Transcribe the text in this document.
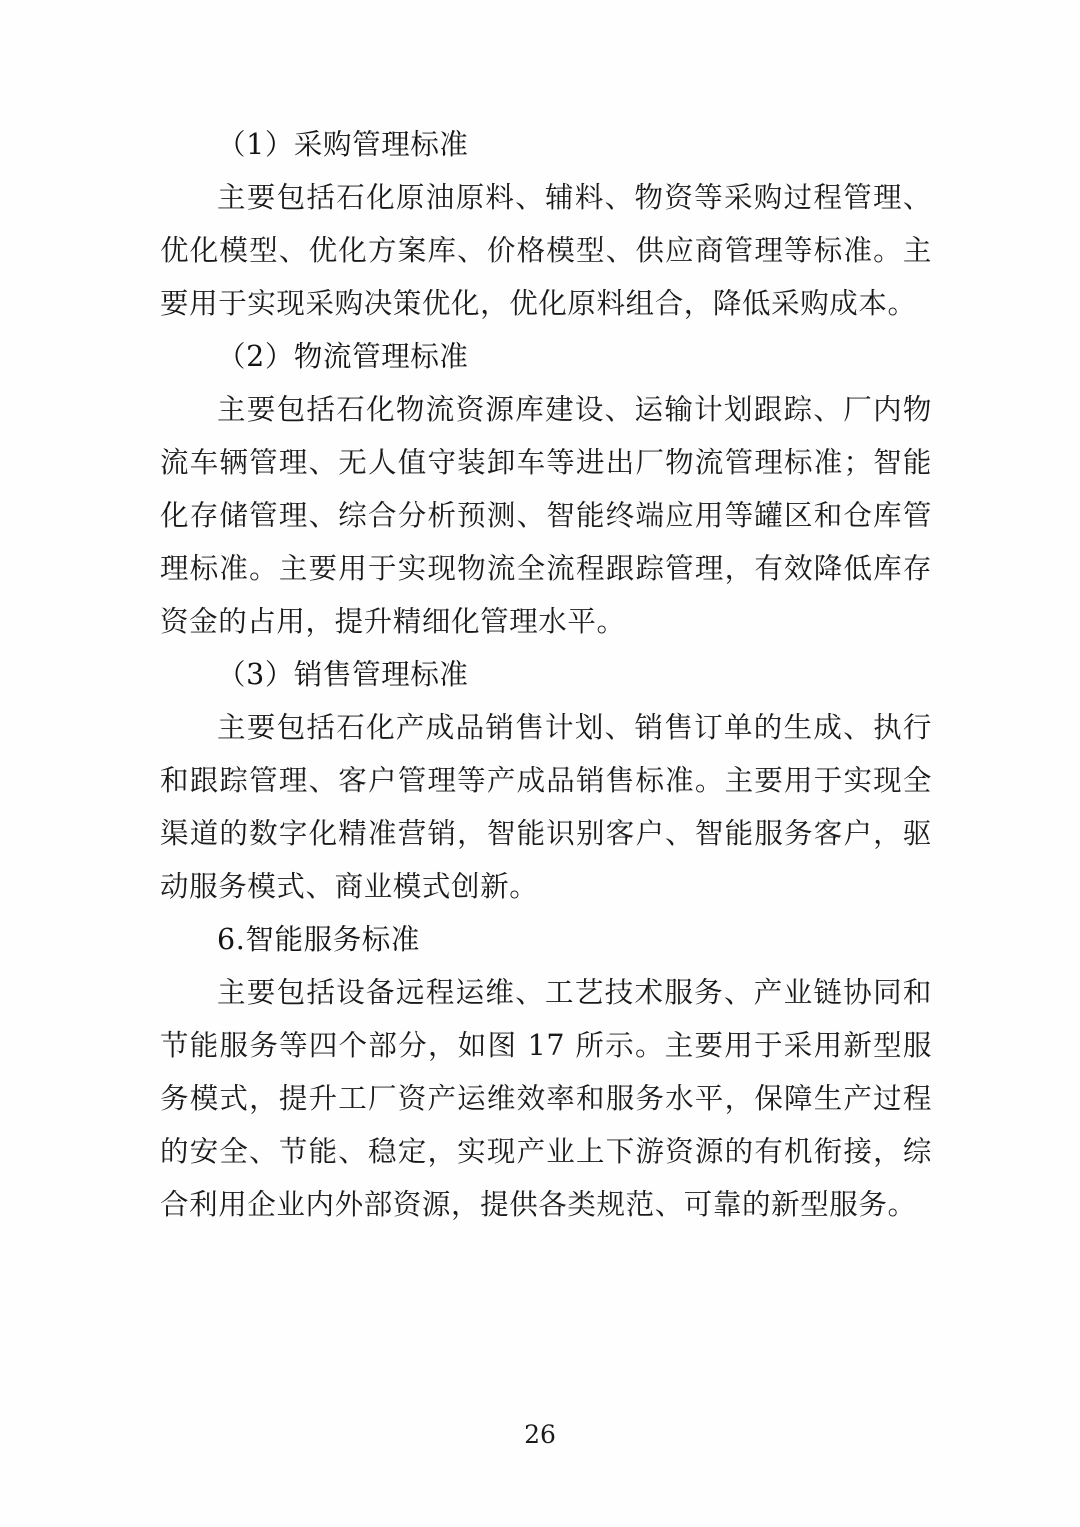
（1）采购管理标准
主要包括石化原油原料、辅料、物资等采购过程管理、优化模型、优化方案库、价格模型、供应商管理等标准。主要用于实现采购决策优化，优化原料组合，降低采购成本。
（2）物流管理标准
主要包括石化物流资源库建设、运输计划跟踪、厂内物流车辆管理、无人值守装卸车等进出厂物流管理标准；智能化存储管理、综合分析预测、智能终端应用等罐区和仓库管理标准。主要用于实现物流全流程跟踪管理，有效降低库存资金的占用，提升精细化管理水平。
（3）销售管理标准
主要包括石化产成品销售计划、销售订单的生成、执行和跟踪管理、客户管理等产成品销售标准。主要用于实现全渠道的数字化精准营销，智能识别客户、智能服务客户，驱动服务模式、商业模式创新。
6.智能服务标准
主要包括设备远程运维、工艺技术服务、产业链协同和节能服务等四个部分，如图 17 所示。主要用于采用新型服务模式，提升工厂资产运维效率和服务水平，保障生产过程的安全、节能、稳定，实现产业上下游资源的有机衔接，综合利用企业内外部资源，提供各类规范、可靠的新型服务。
26
